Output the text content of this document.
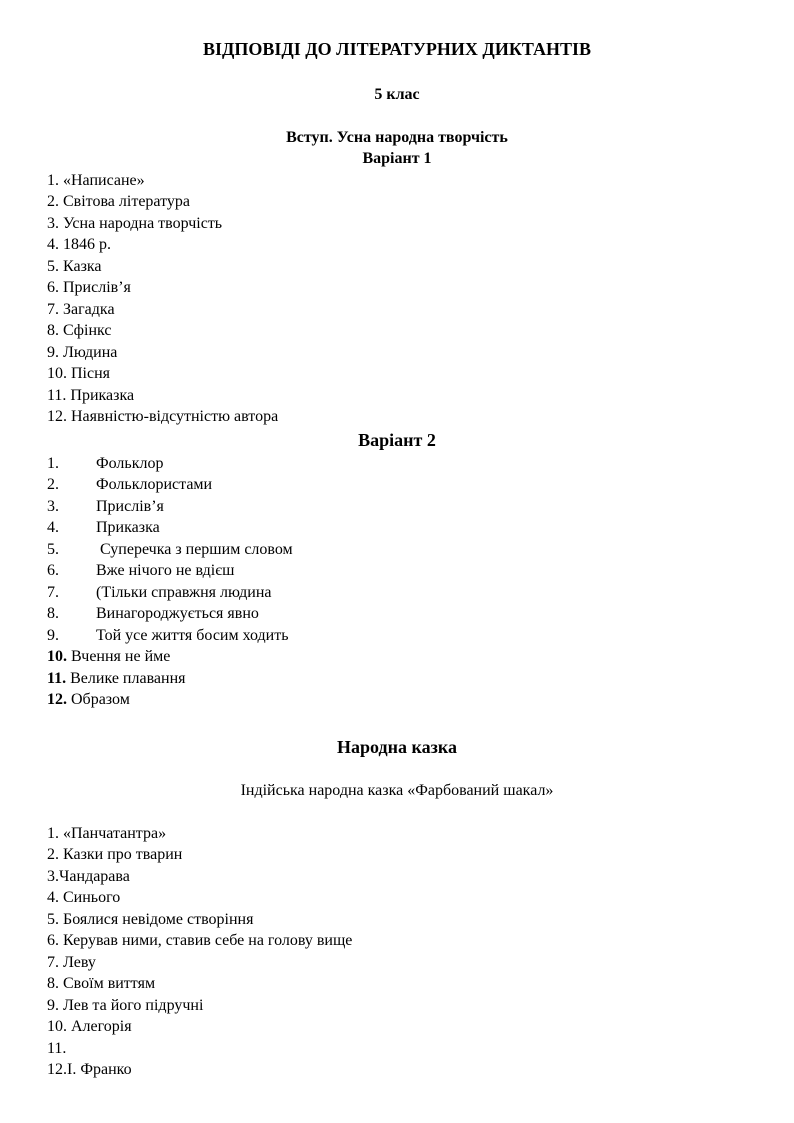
ВІДПОВІДІ ДО ЛІТЕРАТУРНИХ ДИКТАНТІВ
5 клас
Вступ. Усна народна творчість
Варіант 1
1. «Написане»
2. Світова література
3. Усна народна творчість
4. 1846 р.
5. Казка
6. Прислів’я
7. Загадка
8. Сфінкс
9. Людина
10. Пісня
11. Приказка
12. Наявністю-відсутністю автора
Варіант 2
1. Фольклор
2. Фольклористами
3. Прислів’я
4. Приказка
5. Суперечка з першим словом
6. Вже нічого не вдієш
7. (Тільки справжня людина
8. Винагороджується явно
9. Той усе життя босим ходить
10. Вчення не йме
11. Велике плавання
12. Образом
Народна казка
Індійська народна казка «Фарбований шакал»
1. «Панчатантра»
2. Казки про тварин
3.Чандарава
4. Синього
5. Боялися невідоме створіння
6. Керував ними, ставив себе на голову вище
7. Леву
8. Своїм виттям
9. Лев та його підручні
10. Алегорія
11.
12.І. Франко
